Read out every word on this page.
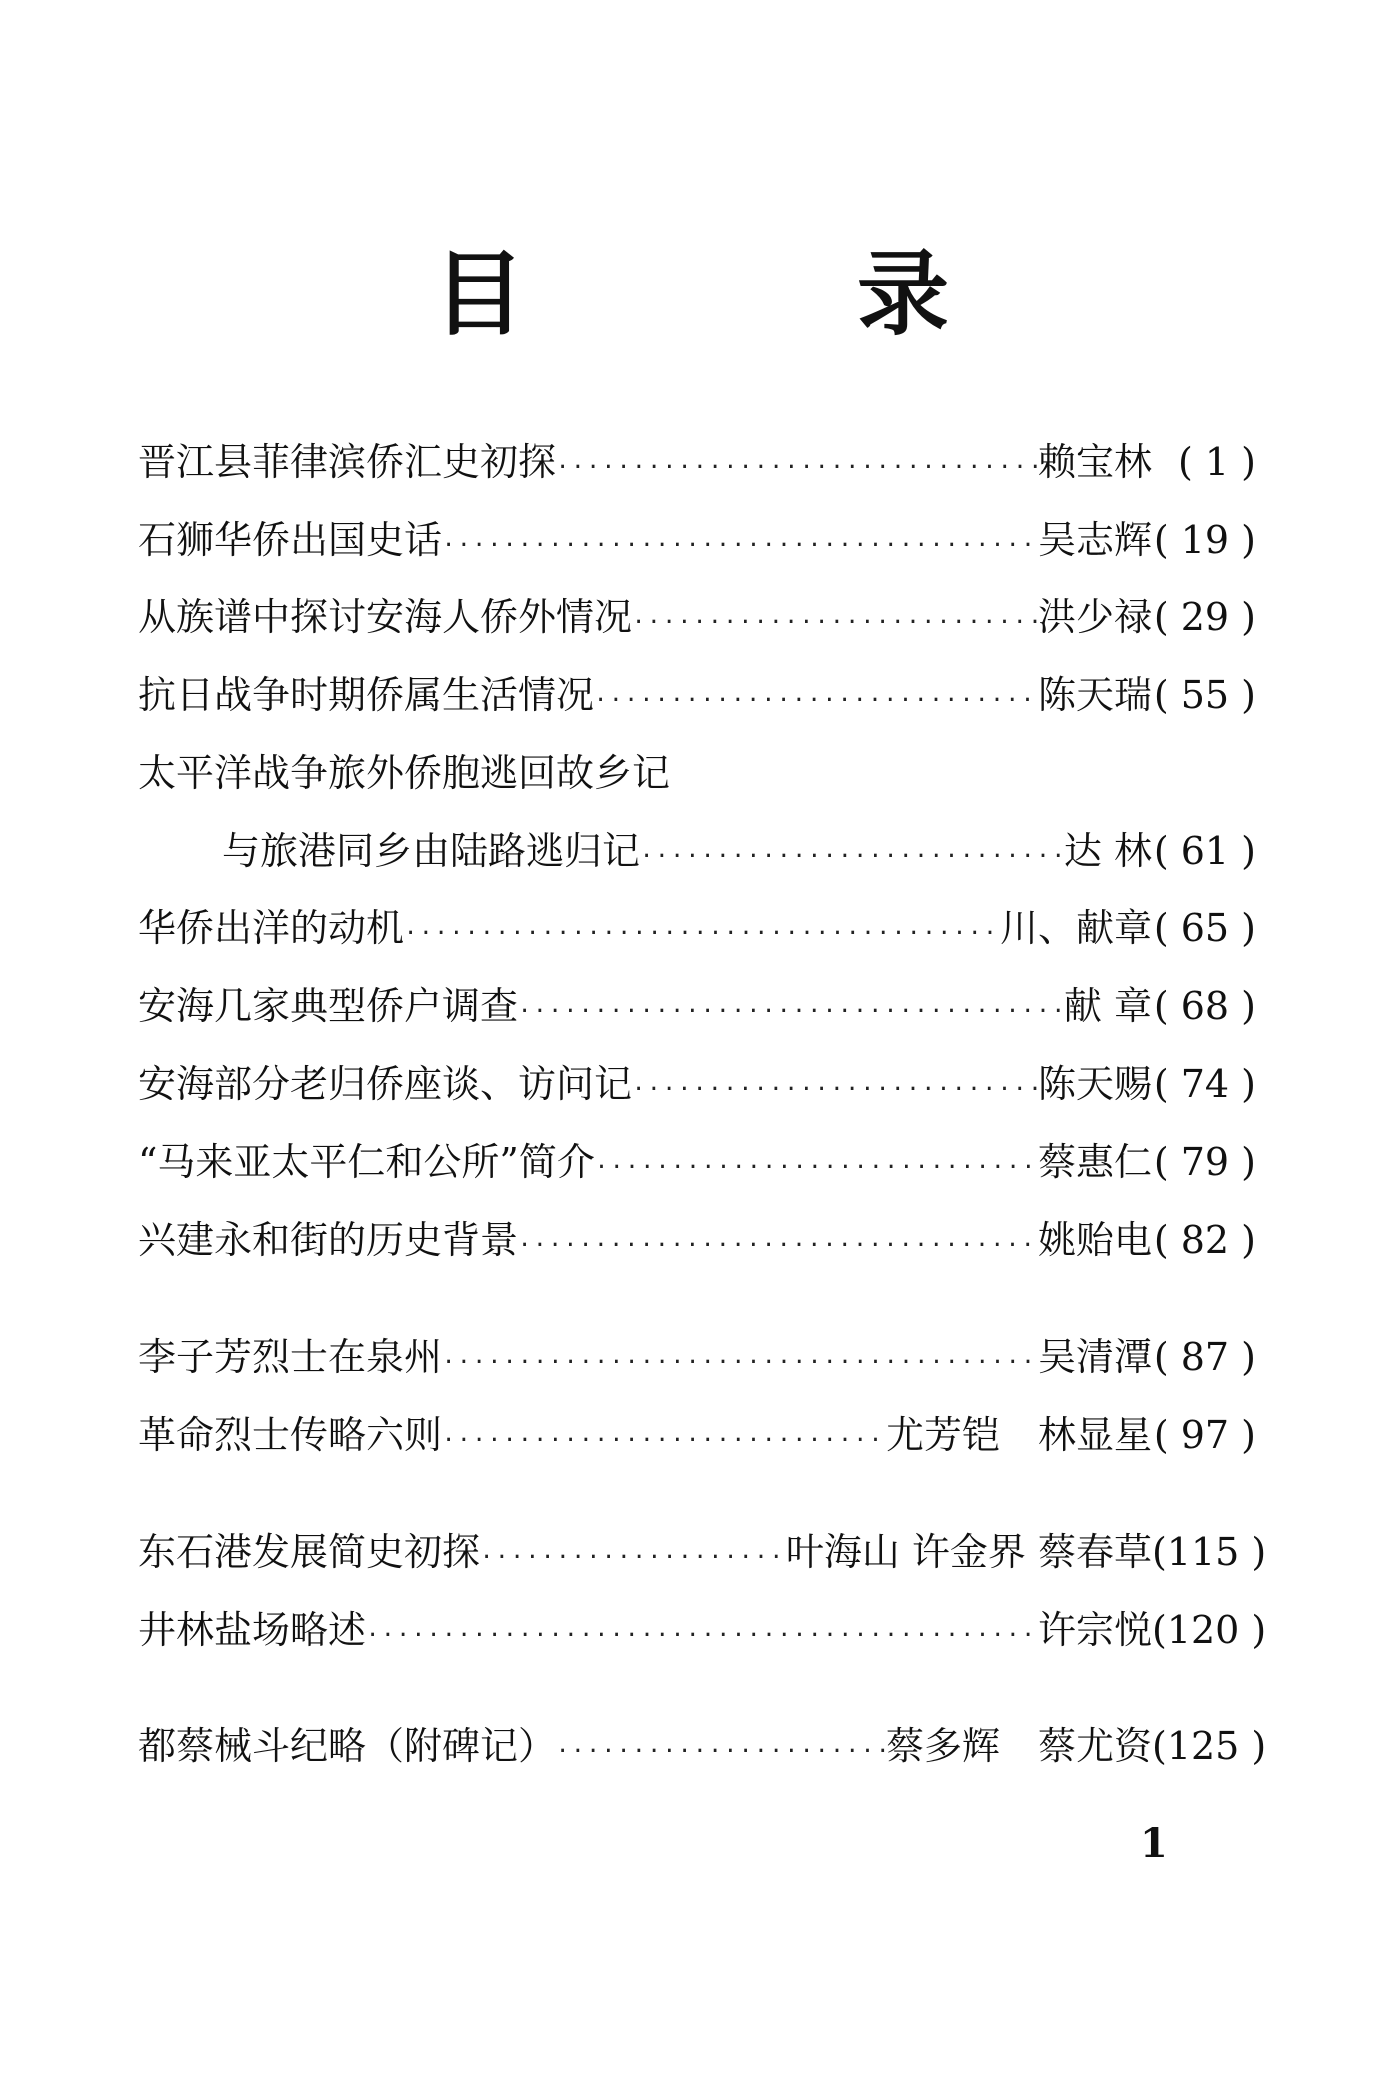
目 录
晋江县菲律滨侨汇史初探 ·····	赖宝林 ( 1 )
石狮华侨出国史话 ·····	吴志辉 ( 19 )
从族谱中探讨安海人侨外情况 ·····	洪少禄 ( 29 )
抗日战争时期侨属生活情况 ·····	陈天瑞 ( 55 )
太平洋战争旅外侨胞逃回故乡记
与旅港同乡由陆路逃归记 ·····	达 林 ( 61 )
华侨出洋的动机 ·····	川、献章 ( 65 )
安海几家典型侨户调查 ·····	献 章 ( 68 )
安海部分老归侨座谈、访问记 ·····	陈天赐 ( 74 )
“马来亚太平仁和公所”简介 ·····	蔡惠仁 ( 79 )
兴建永和街的历史背景 ·····	姚贻电 ( 82 )
李子芳烈士在泉州 ·····	吴清潭 ( 87 )
革命烈士传略六则 ·····	尤芳铠　林显星 ( 97 )
东石港发展简史初探 ·····	叶海山 许金界 蔡春草 (115 )
井林盐场略述 ·····	许宗悦 (120 )
都蔡械斗纪略（附碑记） ·····	蔡多辉　蔡尤资 (125 )
1
